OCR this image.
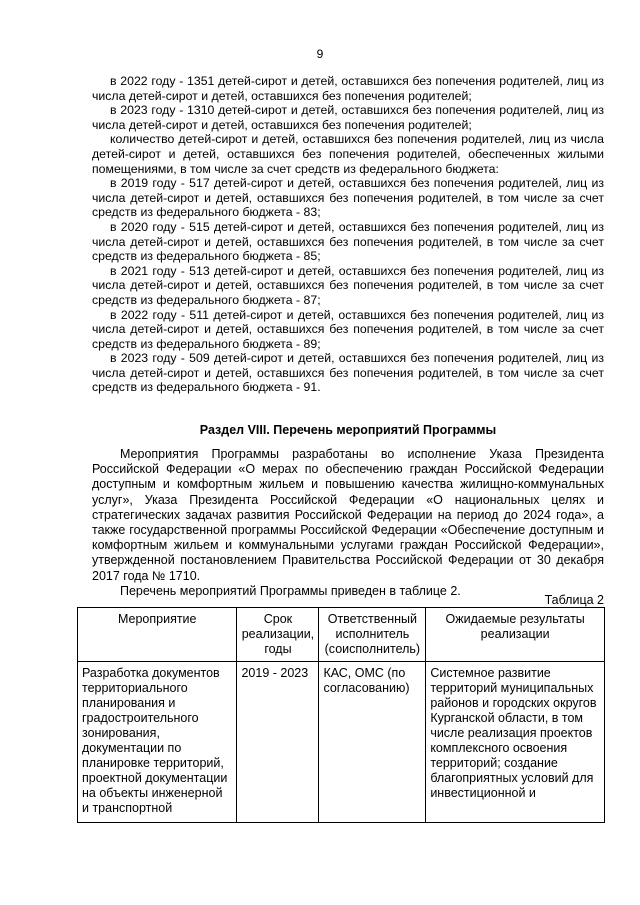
9

в 2022 году - 1351 детей-сирот и детей, оставшихся без попечения родителей, лиц из числа детей-сирот и детей, оставшихся без попечения родителей;

в 2023 году - 1310 детей-сирот и детей, оставшихся без попечения родителей, лиц из числа детей-сирот и детей, оставшихся без попечения родителей;

количество детей-сирот и детей, оставшихся без попечения родителей, лиц из числа детей-сирот и детей, оставшихся без попечения родителей, обеспеченных жилыми помещениями, в том числе за счет средств из федерального бюджета:

в 2019 году - 517 детей-сирот и детей, оставшихся без попечения родителей, лиц из числа детей-сирот и детей, оставшихся без попечения родителей, в том числе за счет средств из федерального бюджета - 83;

в 2020 году - 515 детей-сирот и детей, оставшихся без попечения родителей, лиц из числа детей-сирот и детей, оставшихся без попечения родителей, в том числе за счет средств из федерального бюджета - 85;

в 2021 году - 513 детей-сирот и детей, оставшихся без попечения родителей, лиц из числа детей-сирот и детей, оставшихся без попечения родителей, в том числе за счет средств из федерального бюджета - 87;

в 2022 году - 511 детей-сирот и детей, оставшихся без попечения родителей, лиц из числа детей-сирот и детей, оставшихся без попечения родителей, в том числе за счет средств из федерального бюджета - 89;

в 2023 году - 509 детей-сирот и детей, оставшихся без попечения родителей, лиц из числа детей-сирот и детей, оставшихся без попечения родителей, в том числе за счет средств из федерального бюджета - 91.

Раздел VIII. Перечень мероприятий Программы

Мероприятия Программы разработаны во исполнение Указа Президента Российской Федерации «О мерах по обеспечению граждан Российской Федерации доступным и комфортным жильем и повышению качества жилищно-коммунальных услуг», Указа Президента Российской Федерации «О национальных целях и стратегических задачах развития Российской Федерации на период до 2024 года», а также государственной программы Российской Федерации «Обеспечение доступным и комфортным жильем и коммунальными услугами граждан Российской Федерации», утвержденной постановлением Правительства Российской Федерации от 30 декабря 2017 года № 1710.

Перечень мероприятий Программы приведен в таблице 2.

Таблица 2
Мероприятие	Срок реализации, годы	Ответственный исполнитель (соисполнитель)	Ожидаемые результаты реализации
Разработка документов территориального планирования и градостроительного зонирования, документации по планировке территорий, проектной документации на объекты инженерной и транспортной	2019 - 2023	КАС, ОМС (по согласованию)	Системное развитие территорий муниципальных районов и городских округов Курганской области, в том числе реализация проектов комплексного освоения территорий; создание благоприятных условий для инвестиционной и
